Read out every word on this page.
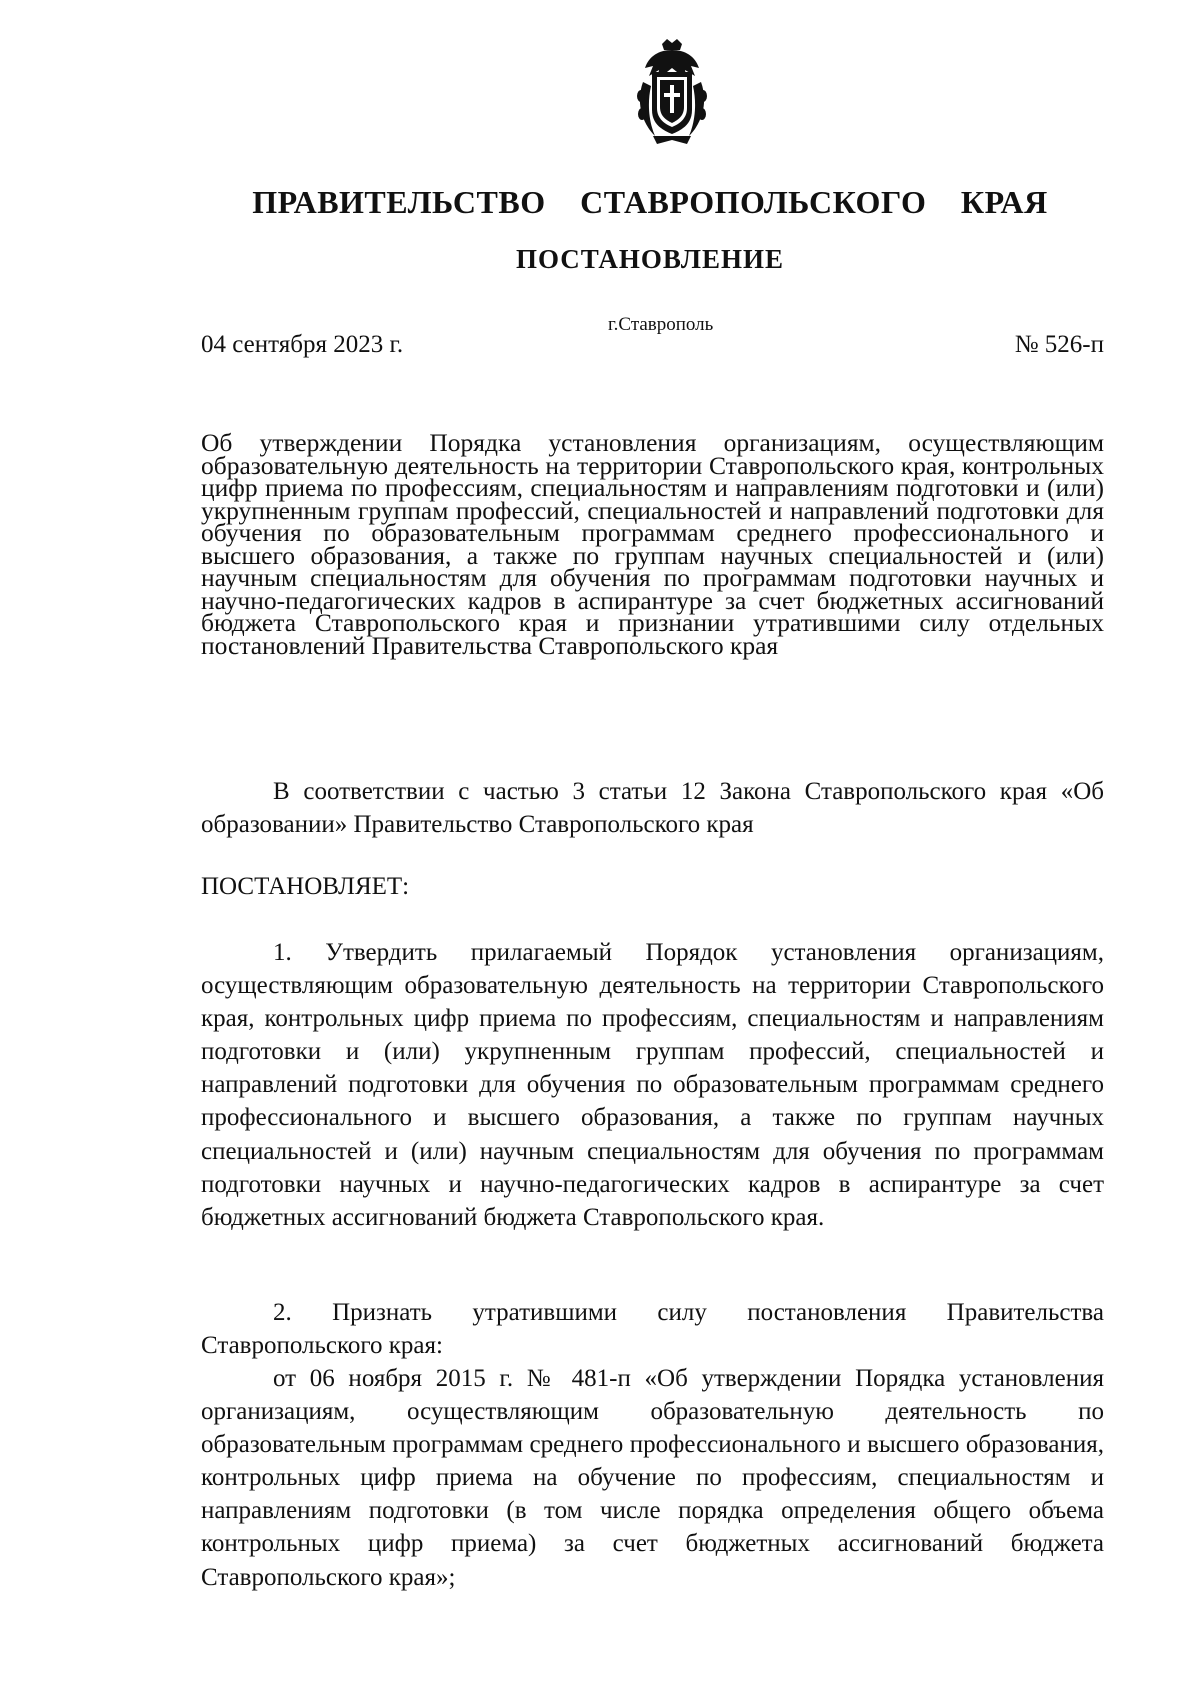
ПРАВИТЕЛЬСТВО СТАВРОПОЛЬСКОГО КРАЯ
ПОСТАНОВЛЕНИЕ
04 сентября 2023 г.
г.Ставрополь
№ 526-п

Об утверждении Порядка установления организациям, осуществляющим образовательную деятельность на территории Ставропольского края, контрольных цифр приема по профессиям, специальностям и направлениям подготовки и (или) укрупненным группам профессий, специальностей и направлений подготовки для обучения по образовательным программам среднего профессионального и высшего образования, а также по группам научных специальностей и (или) научным специальностям для обучения по программам подготовки научных и научно-педагогических кадров в аспирантуре за счет бюджетных ассигнований бюджета Ставропольского края и признании утратившими силу отдельных постановлений Правительства Ставропольского края

В соответствии с частью 3 статьи 12 Закона Ставропольского края «Об образовании» Правительство Ставропольского края

ПОСТАНОВЛЯЕТ:

1. Утвердить прилагаемый Порядок установления организациям, осуществляющим образовательную деятельность на территории Ставропольского края, контрольных цифр приема по профессиям, специальностям и направлениям подготовки и (или) укрупненным группам профессий, специальностей и направлений подготовки для обучения по образовательным программам среднего профессионального и высшего образования, а также по группам научных специальностей и (или) научным специальностям для обучения по программам подготовки научных и научно-педагогических кадров в аспирантуре за счет бюджетных ассигнований бюджета Ставропольского края.

2. Признать утратившими силу постановления Правительства Ставропольского края:

от 06 ноября 2015 г. № 481-п «Об утверждении Порядка установления организациям, осуществляющим образовательную деятельность по образовательным программам среднего профессионального и высшего образования, контрольных цифр приема на обучение по профессиям, специальностям и направлениям подготовки (в том числе порядка определения общего объема контрольных цифр приема) за счет бюджетных ассигнований бюджета Ставропольского края»;
